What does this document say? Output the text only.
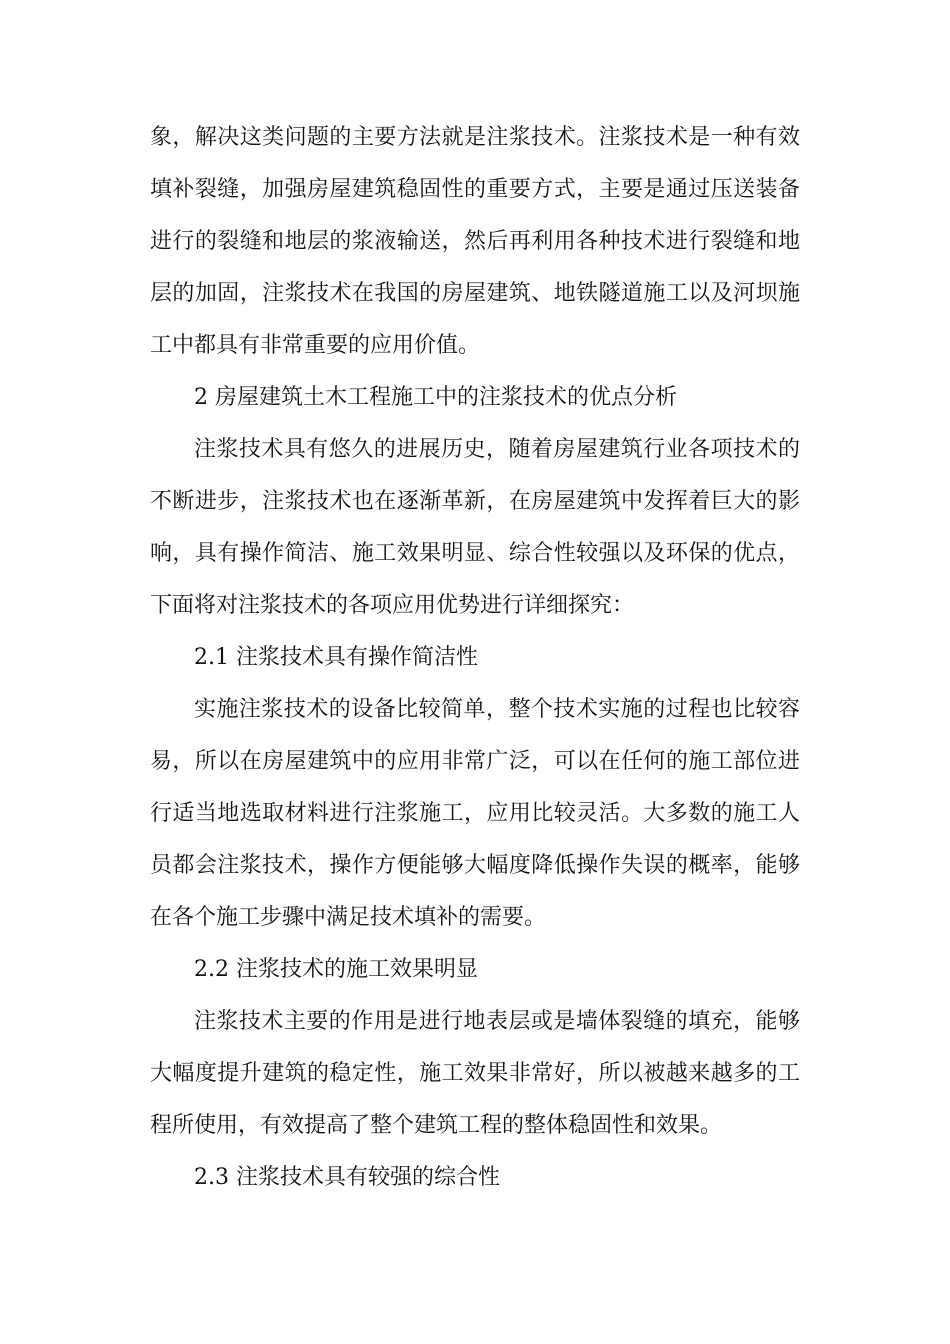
象，解决这类问题的主要方法就是注浆技术。注浆技术是一种有效填补裂缝，加强房屋建筑稳固性的重要方式，主要是通过压送装备进行的裂缝和地层的浆液输送，然后再利用各种技术进行裂缝和地层的加固，注浆技术在我国的房屋建筑、地铁隧道施工以及河坝施工中都具有非常重要的应用价值。

2 房屋建筑土木工程施工中的注浆技术的优点分析

注浆技术具有悠久的进展历史，随着房屋建筑行业各项技术的不断进步，注浆技术也在逐渐革新，在房屋建筑中发挥着巨大的影响，具有操作简洁、施工效果明显、综合性较强以及环保的优点，下面将对注浆技术的各项应用优势进行详细探究：

2.1 注浆技术具有操作简洁性

实施注浆技术的设备比较简单，整个技术实施的过程也比较容易，所以在房屋建筑中的应用非常广泛，可以在任何的施工部位进行适当地选取材料进行注浆施工，应用比较灵活。大多数的施工人员都会注浆技术，操作方便能够大幅度降低操作失误的概率，能够在各个施工步骤中满足技术填补的需要。

2.2 注浆技术的施工效果明显

注浆技术主要的作用是进行地表层或是墙体裂缝的填充，能够大幅度提升建筑的稳定性，施工效果非常好，所以被越来越多的工程所使用，有效提高了整个建筑工程的整体稳固性和效果。

2.3 注浆技术具有较强的综合性
